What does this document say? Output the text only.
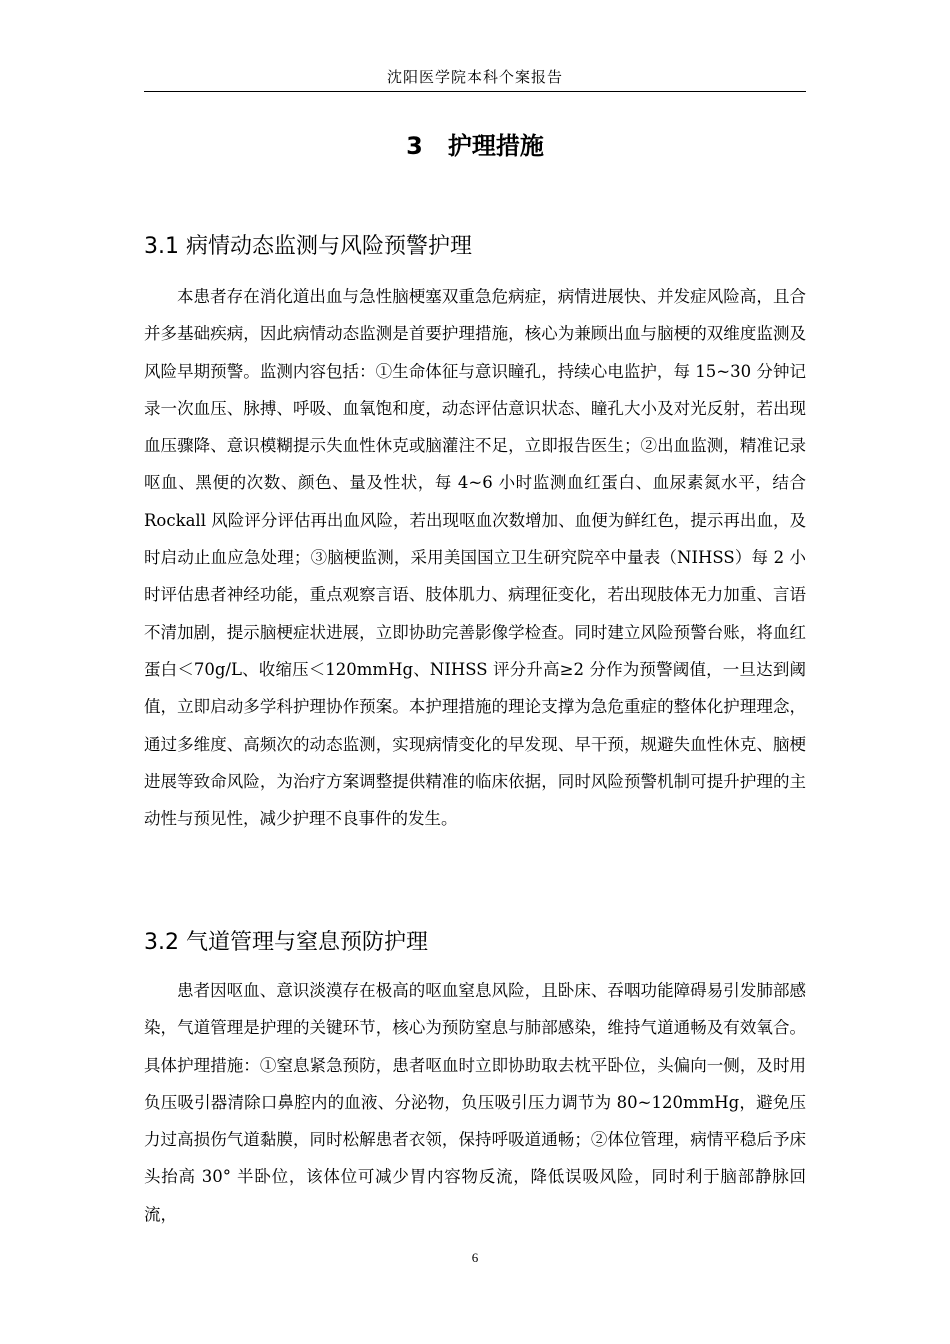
沈阳医学院本科个案报告
3   护理措施
3.1 病情动态监测与风险预警护理

本患者存在消化道出血与急性脑梗塞双重急危病症，病情进展快、并发症风险高，且合并多基础疾病，因此病情动态监测是首要护理措施，核心为兼顾出血与脑梗的双维度监测及风险早期预警。监测内容包括：①生命体征与意识瞳孔，持续心电监护，每 15~30 分钟记录一次血压、脉搏、呼吸、血氧饱和度，动态评估意识状态、瞳孔大小及对光反射，若出现血压骤降、意识模糊提示失血性休克或脑灌注不足，立即报告医生；②出血监测，精准记录呕血、黑便的次数、颜色、量及性状，每 4~6 小时监测血红蛋白、血尿素氮水平，结合 Rockall 风险评分评估再出血风险，若出现呕血次数增加、血便为鲜红色，提示再出血，及时启动止血应急处理；③脑梗监测，采用美国国立卫生研究院卒中量表（NIHSS）每 2 小时评估患者神经功能，重点观察言语、肢体肌力、病理征变化，若出现肢体无力加重、言语不清加剧，提示脑梗症状进展，立即协助完善影像学检查。同时建立风险预警台账，将血红蛋白＜70g/L、收缩压＜120mmHg、NIHSS 评分升高≥2 分作为预警阈值，一旦达到阈值，立即启动多学科护理协作预案。本护理措施的理论支撑为急危重症的整体化护理理念，通过多维度、高频次的动态监测，实现病情变化的早发现、早干预，规避失血性休克、脑梗进展等致命风险，为治疗方案调整提供精准的临床依据，同时风险预警机制可提升护理的主动性与预见性，减少护理不良事件的发生。

3.2 气道管理与窒息预防护理

患者因呕血、意识淡漠存在极高的呕血窒息风险，且卧床、吞咽功能障碍易引发肺部感染，气道管理是护理的关键环节，核心为预防窒息与肺部感染，维持气道通畅及有效氧合。具体护理措施：①窒息紧急预防，患者呕血时立即协助取去枕平卧位，头偏向一侧，及时用负压吸引器清除口鼻腔内的血液、分泌物，负压吸引压力调节为 80~120mmHg，避免压力过高损伤气道黏膜，同时松解患者衣领，保持呼吸道通畅；②体位管理，病情平稳后予床头抬高 30° 半卧位，该体位可减少胃内容物反流，降低误吸风险，同时利于脑部静脉回流，

6
